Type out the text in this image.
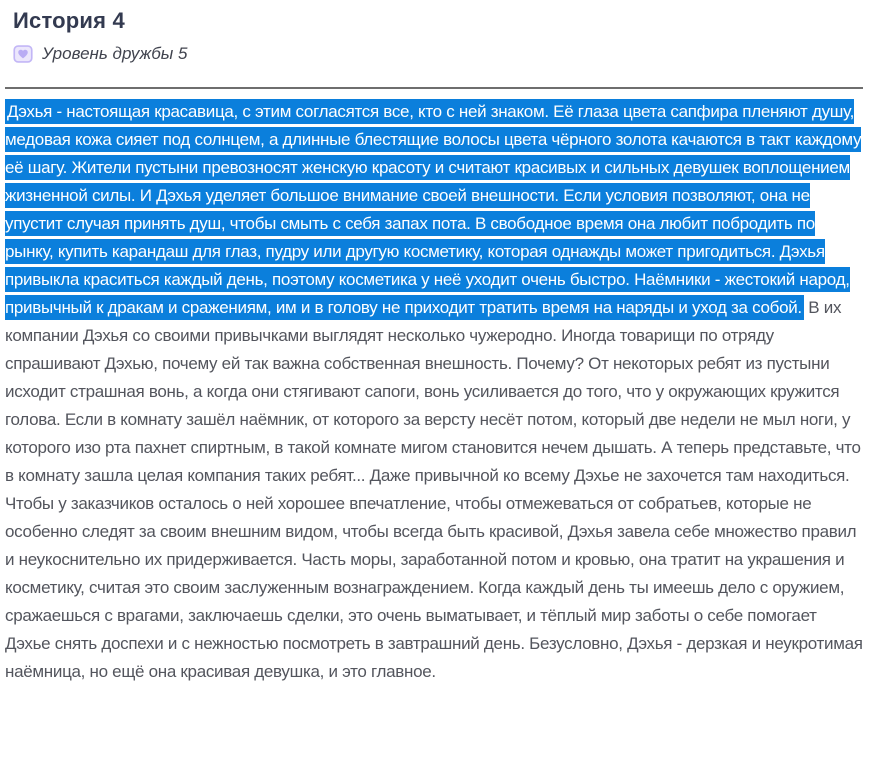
История 4
Уровень дружбы 5

Дэхья - настоящая красавица, с этим согласятся все, кто с ней знаком. Её глаза цвета сапфира пленяют душу, медовая кожа сияет под солнцем, а длинные блестящие волосы цвета чёрного золота качаются в такт каждому её шагу. Жители пустыни превозносят женскую красоту и считают красивых и сильных девушек воплощением жизненной силы. И Дэхья уделяет большое внимание своей внешности. Если условия позволяют, она не упустит случая принять душ, чтобы смыть с себя запах пота. В свободное время она любит побродить по рынку, купить карандаш для глаз, пудру или другую косметику, которая однажды может пригодиться. Дэхья привыкла краситься каждый день, поэтому косметика у неё уходит очень быстро. Наёмники - жестокий народ, привычный к дракам и сражениям, им и в голову не приходит тратить время на наряды и уход за собой. В их компании Дэхья со своими привычками выглядят несколько чужеродно. Иногда товарищи по отряду спрашивают Дэхью, почему ей так важна собственная внешность. Почему? От некоторых ребят из пустыни исходит страшная вонь, а когда они стягивают сапоги, вонь усиливается до того, что у окружающих кружится голова. Если в комнату зашёл наёмник, от которого за версту несёт потом, который две недели не мыл ноги, у которого изо рта пахнет спиртным, в такой комнате мигом становится нечем дышать. А теперь представьте, что в комнату зашла целая компания таких ребят... Даже привычной ко всему Дэхье не захочется там находиться. Чтобы у заказчиков осталось о ней хорошее впечатление, чтобы отмежеваться от собратьев, которые не особенно следят за своим внешним видом, чтобы всегда быть красивой, Дэхья завела себе множество правил и неукоснительно их придерживается. Часть моры, заработанной потом и кровью, она тратит на украшения и косметику, считая это своим заслуженным вознаграждением. Когда каждый день ты имеешь дело с оружием, сражаешься с врагами, заключаешь сделки, это очень выматывает, и тёплый мир заботы о себе помогает Дэхье снять доспехи и с нежностью посмотреть в завтрашний день. Безусловно, Дэхья - дерзкая и неукротимая наёмница, но ещё она красивая девушка, и это главное.
